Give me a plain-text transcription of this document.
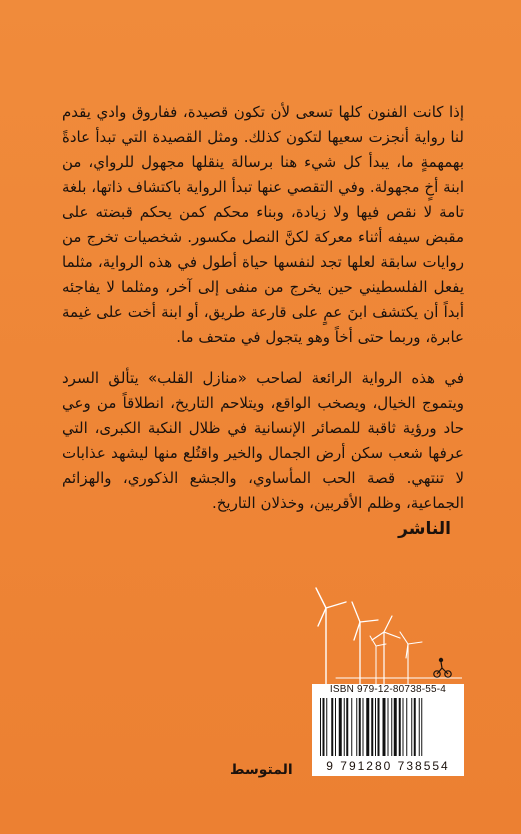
إذا كانت الفنون كلها تسعى لأن تكون قصيدة، ففاروق وادي يقدم لنا رواية أنجزت سعيها لتكون كذلك. ومثل القصيدة التي تبدأ عادةً بهمهمةٍ ما، يبدأ كل شيء هنا برسالة ينقلها مجهول للرواي، من ابنة أخٍ مجهولة. وفي التقصي عنها تبدأ الرواية باكتشاف ذاتها، بلغة تامة لا نقص فيها ولا زيادة، وبناء محكم كمن يحكم قبضته على مقبض سيفه أثناء معركة لكنَّ النصل مكسور. شخصيات تخرج من روايات سابقة لعلها تجد لنفسها حياة أطول في هذه الرواية، مثلما يفعل الفلسطيني حين يخرج من منفى إلى آخر، ومثلما لا يفاجئه أبداً أن يكتشف ابنَ عمٍ على قارعة طريق، أو ابنة أخت على غيمة عابرة، وربما حتى أخاً وهو يتجول في متحف ما.

في هذه الرواية الرائعة لصاحب «منازل القلب» يتألق السرد ويتموج الخيال، ويصخب الواقع، ويتلاحم التاريخ، انطلاقاً من وعي حاد ورؤية ثاقبة للمصائر الإنسانية في ظلال النكبة الكبرى، التي عرفها شعب سكن أرض الجمال والخير واقتُلع منها ليشهد عذابات لا تنتهي. قصة الحب المأساوي، والجشع الذكوري، والهزائم الجماعية، وظلم الأقربين، وخذلان التاريخ.

الناشر
ISBN 979-12-80738-55-4
9 791280 738554
المتوسط
